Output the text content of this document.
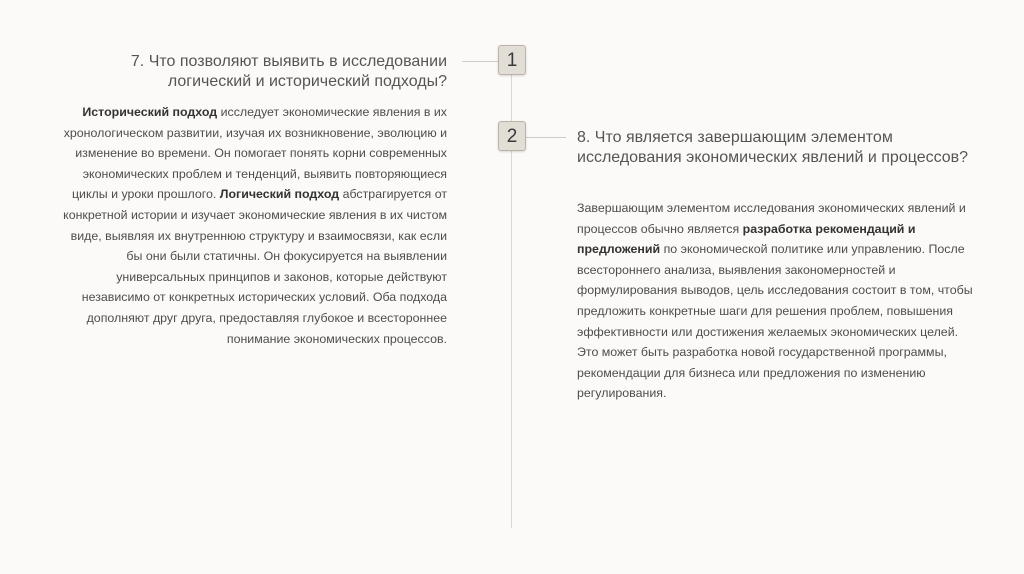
1
2
7. Что позволяют выявить в исследовании логический и исторический подходы?
Исторический подход исследует экономические явления в их хронологическом развитии, изучая их возникновение, эволюцию и изменение во времени. Он помогает понять корни современных экономических проблем и тенденций, выявить повторяющиеся циклы и уроки прошлого. Логический подход абстрагируется от конкретной истории и изучает экономические явления в их чистом виде, выявляя их внутреннюю структуру и взаимосвязи, как если бы они были статичны. Он фокусируется на выявлении универсальных принципов и законов, которые действуют независимо от конкретных исторических условий. Оба подхода дополняют друг друга, предоставляя глубокое и всестороннее понимание экономических процессов.
8. Что является завершающим элементом исследования экономических явлений и процессов?
Завершающим элементом исследования экономических явлений и процессов обычно является разработка рекомендаций и предложений по экономической политике или управлению. После всестороннего анализа, выявления закономерностей и формулирования выводов, цель исследования состоит в том, чтобы предложить конкретные шаги для решения проблем, повышения эффективности или достижения желаемых экономических целей. Это может быть разработка новой государственной программы, рекомендации для бизнеса или предложения по изменению регулирования.
